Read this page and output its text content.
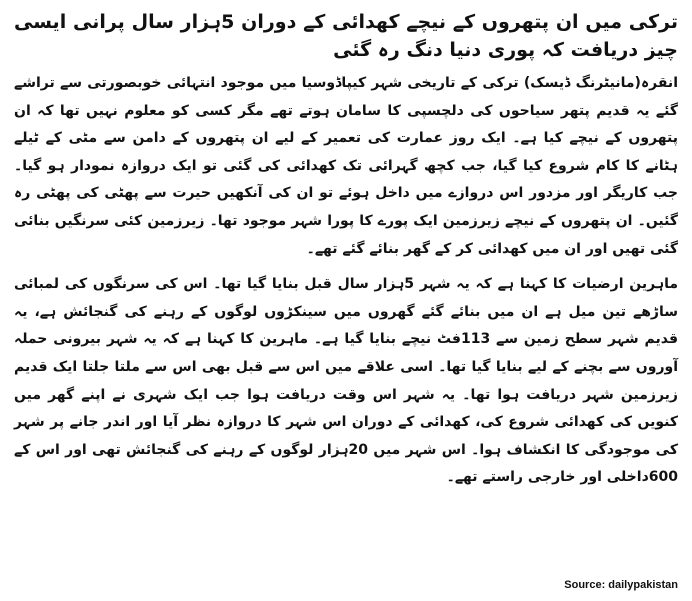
ترکی میں ان پتھروں کے نیچے کھدائی کے دوران 5ہزار سال پرانی ایسی چیز دریافت کہ پوری دنیا دنگ رہ گئی

انقرہ(مانیٹرنگ ڈیسک) ترکی کے تاریخی شہر کیپاڈوسیا میں موجود انتہائی خوبصورتی سے تراشے گئے یہ قدیم پتھر سیاحوں کی دلچسپی کا سامان ہوتے تھے مگر کسی کو معلوم نہیں تھا کہ ان پتھروں کے نیچے کیا ہے۔ ایک روز عمارت کی تعمیر کے لیے ان پتھروں کے دامن سے مٹی کے ٹیلے ہٹانے کا کام شروع کیا گیا، جب کچھ گہرائی تک کھدائی کی گئی تو ایک دروازہ نمودار ہو گیا۔ جب کاریگر اور مزدور اس دروازے میں داخل ہوئے تو ان کی آنکھیں حیرت سے پھٹی کی پھٹی رہ گئیں۔ ان پتھروں کے نیچے زیرزمین ایک پورے کا پورا شہر موجود تھا۔ زیرزمین کئی سرنگیں بنائی گئی تھیں اور ان میں کھدائی کر کے گھر بنائے گئے تھے۔

ماہرین ارضیات کا کہنا ہے کہ یہ شہر 5ہزار سال قبل بنایا گیا تھا۔ اس کی سرنگوں کی لمبائی ساڑھے تین میل ہے ان میں بنائے گئے گھروں میں سینکڑوں لوگوں کے رہنے کی گنجائش ہے، یہ قدیم شہر سطح زمین سے 113فٹ نیچے بنایا گیا ہے۔ ماہرین کا کہنا ہے کہ یہ شہر بیرونی حملہ آوروں سے بچنے کے لیے بنایا گیا تھا۔ اسی علاقے میں اس سے قبل بھی اس سے ملتا جلتا ایک قدیم زیرزمین شہر دریافت ہوا تھا۔ یہ شہر اس وقت دریافت ہوا جب ایک شہری نے اپنے گھر میں کنویں کی کھدائی شروع کی، کھدائی کے دوران اس شہر کا دروازہ نظر آیا اور اندر جانے پر شہر کی موجودگی کا انکشاف ہوا۔ اس شہر میں 20ہزار لوگوں کے رہنے کی گنجائش تھی اور اس کے 600داخلی اور خارجی راستے تھے۔

Source: dailypakistan
